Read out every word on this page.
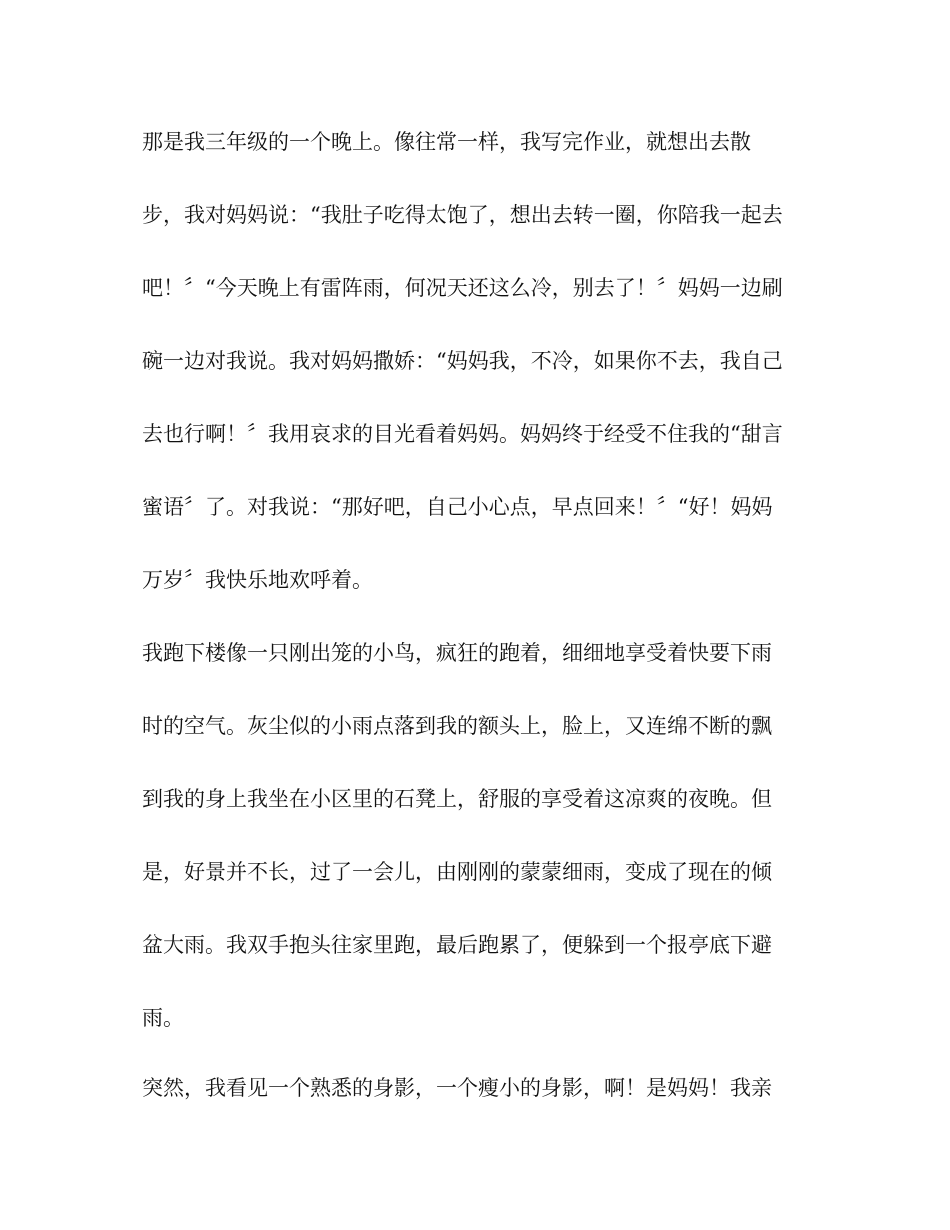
那是我三年级的一个晚上。像往常一样，我写完作业，就想出去散
步，我对妈妈说：“我肚子吃得太饱了，想出去转一圈，你陪我一起去
吧！〞“今天晚上有雷阵雨，何况天还这么冷，别去了！〞妈妈一边刷
碗一边对我说。我对妈妈撒娇：“妈妈我，不冷，如果你不去，我自己
去也行啊！〞我用哀求的目光看着妈妈。妈妈终于经受不住我的“甜言
蜜语〞了。对我说：“那好吧，自己小心点，早点回来！〞“好！妈妈
万岁〞我快乐地欢呼着。
我跑下楼像一只刚出笼的小鸟，疯狂的跑着，细细地享受着快要下雨
时的空气。灰尘似的小雨点落到我的额头上，脸上，又连绵不断的飘
到我的身上我坐在小区里的石凳上，舒服的享受着这凉爽的夜晚。但
是，好景并不长，过了一会儿，由刚刚的蒙蒙细雨，变成了现在的倾
盆大雨。我双手抱头往家里跑，最后跑累了，便躲到一个报亭底下避
雨。
突然，我看见一个熟悉的身影，一个瘦小的身影，啊！是妈妈！我亲
